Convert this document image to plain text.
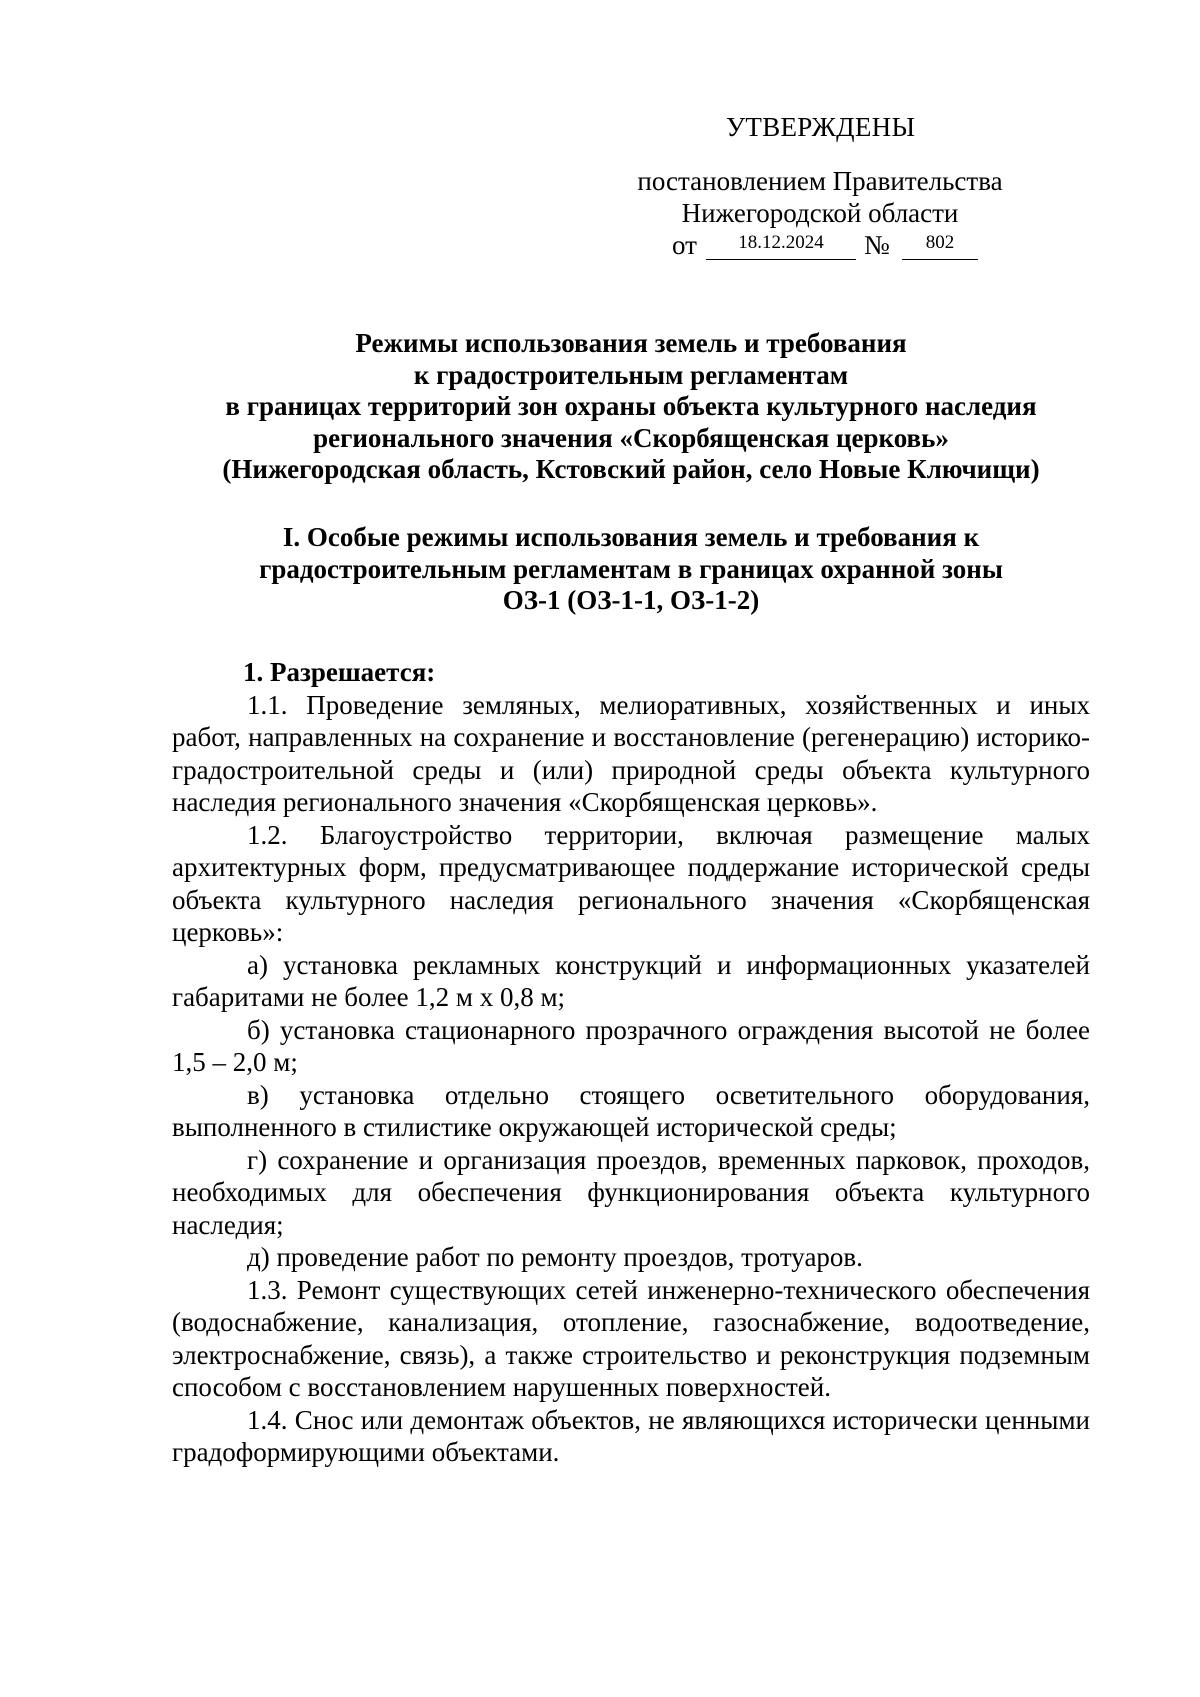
УТВЕРЖДЕНЫ
постановлением Правительства
Нижегородской области
от	18.12.2024	№	802
Режимы использования земель и требования
к градостроительным регламентам
в границах территорий зон охраны объекта культурного наследия
регионального значения «Скорбященская церковь»
(Нижегородская область, Кстовский район, село Новые Ключищи)
I. Особые режимы использования земель и требования к
градостроительным регламентам в границах охранной зоны
ОЗ-1 (ОЗ-1-1, ОЗ-1-2)

1. Разрешается:

1.1. Проведение земляных, мелиоративных, хозяйственных и иных работ, направленных на сохранение и восстановление (регенерацию) историко-градостроительной среды и (или) природной среды объекта культурного наследия регионального значения «Скорбященская церковь».

1.2. Благоустройство территории, включая размещение малых архитектурных форм, предусматривающее поддержание исторической среды объекта культурного наследия регионального значения «Скорбященская церковь»:

а) установка рекламных конструкций и информационных указателей габаритами не более 1,2 м х 0,8 м;

б) установка стационарного прозрачного ограждения высотой не более 1,5 – 2,0 м;

в) установка отдельно стоящего осветительного оборудования, выполненного в стилистике окружающей исторической среды;

г) сохранение и организация проездов, временных парковок, проходов, необходимых для обеспечения функционирования объекта культурного наследия;

д) проведение работ по ремонту проездов, тротуаров.

1.3. Ремонт существующих сетей инженерно-технического обеспечения (водоснабжение, канализация, отопление, газоснабжение, водоотведение, электроснабжение, связь), а также строительство и реконструкция подземным способом с восстановлением нарушенных поверхностей.

1.4. Снос или демонтаж объектов, не являющихся исторически ценными градоформирующими объектами.
